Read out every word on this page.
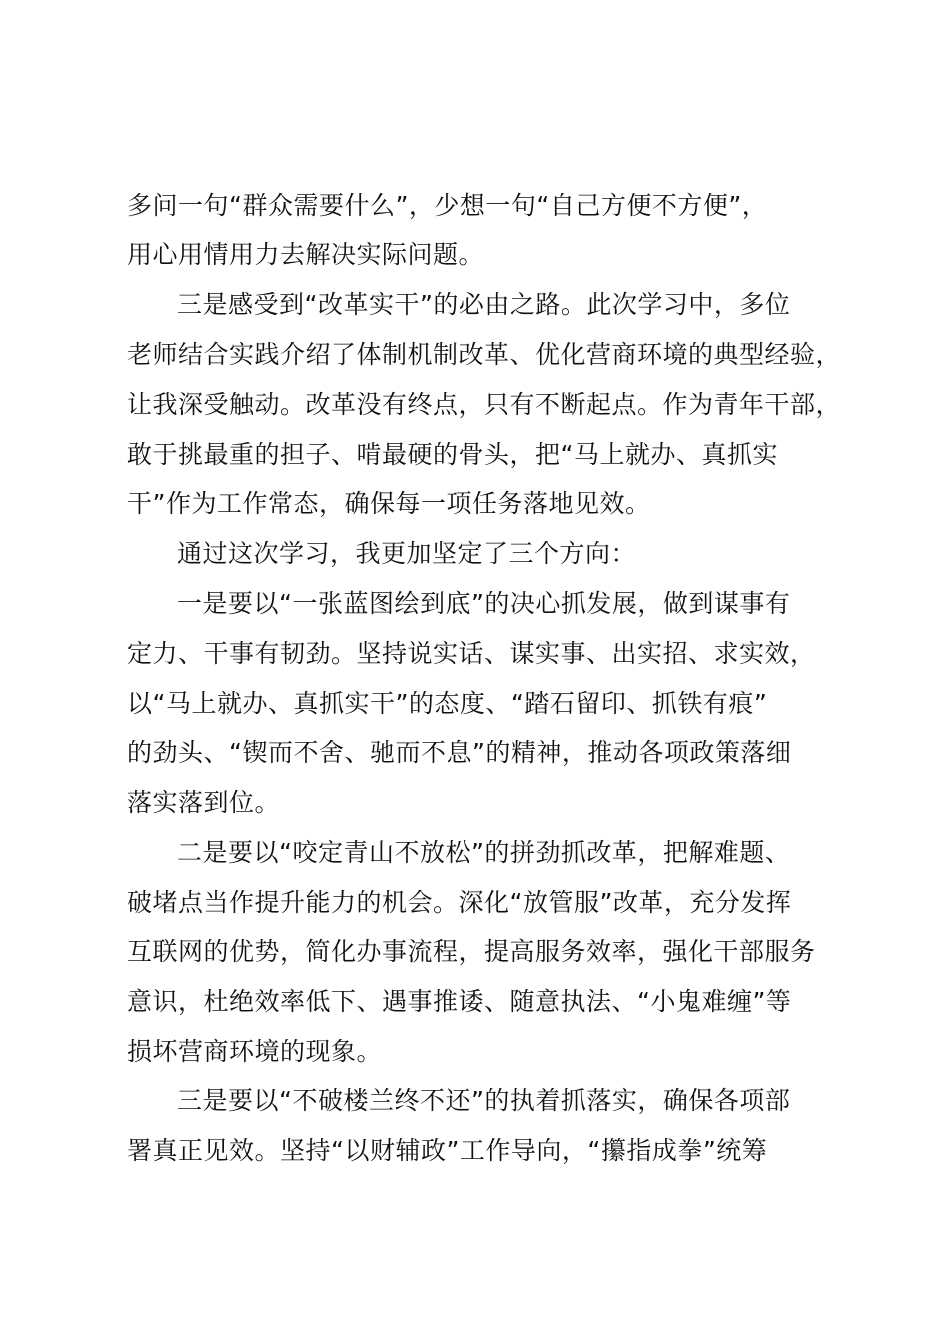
多问一句“群众需要什么”，少想一句“自己方便不方便”，
用心用情用力去解决实际问题。
三是感受到“改革实干”的必由之路。此次学习中，多位
老师结合实践介绍了体制机制改革、优化营商环境的典型经验，
让我深受触动。改革没有终点，只有不断起点。作为青年干部，
敢于挑最重的担子、啃最硬的骨头，把“马上就办、真抓实
干”作为工作常态，确保每一项任务落地见效。
通过这次学习，我更加坚定了三个方向：
一是要以“一张蓝图绘到底”的决心抓发展，做到谋事有
定力、干事有韧劲。坚持说实话、谋实事、出实招、求实效，
以“马上就办、真抓实干”的态度、“踏石留印、抓铁有痕”
的劲头、“锲而不舍、驰而不息”的精神，推动各项政策落细
落实落到位。
二是要以“咬定青山不放松”的拼劲抓改革，把解难题、
破堵点当作提升能力的机会。深化“放管服”改革，充分发挥
互联网的优势，简化办事流程，提高服务效率，强化干部服务
意识，杜绝效率低下、遇事推诿、随意执法、“小鬼难缠”等
损坏营商环境的现象。
三是要以“不破楼兰终不还”的执着抓落实，确保各项部
署真正见效。坚持“以财辅政”工作导向，“攥指成拳”统筹
